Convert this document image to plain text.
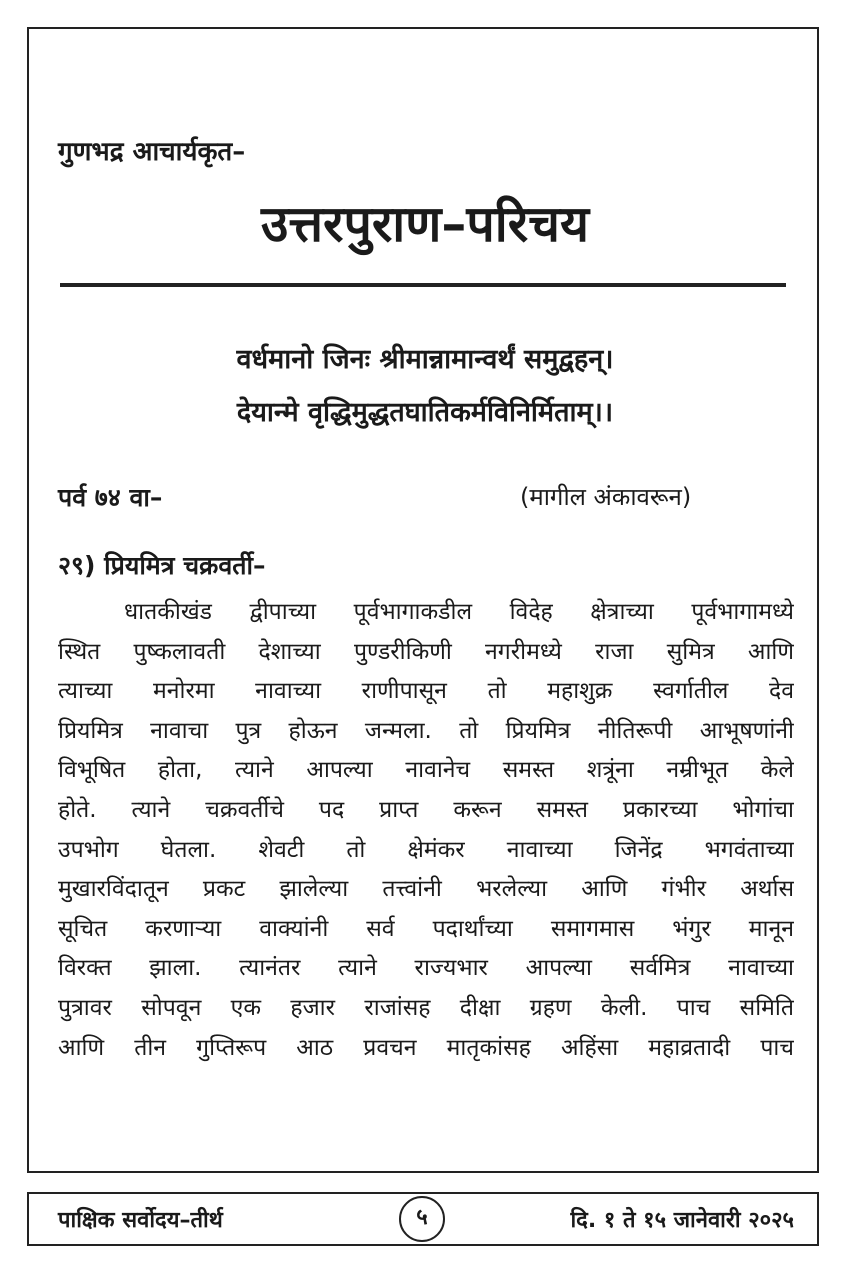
गुणभद्र आचार्यकृत–
उत्तरपुराण–परिचय
वर्धमानो जिनः श्रीमान्नामान्वर्थं समुद्वहन्।
देयान्मे वृद्धिमुद्धतघातिकर्मविनिर्मिताम्।।
पर्व ७४ वा–	(मागील अंकावरून)
२९) प्रियमित्र चक्रवर्ती–
धातकीखंड द्वीपाच्या पूर्वभागाकडील विदेह क्षेत्राच्या पूर्वभागामध्ये
स्थित पुष्कलावती देशाच्या पुण्डरीकिणी नगरीमध्ये राजा सुमित्र आणि
त्याच्या मनोरमा नावाच्या राणीपासून तो महाशुक्र स्वर्गातील देव
प्रियमित्र नावाचा पुत्र होऊन जन्मला. तो प्रियमित्र नीतिरूपी आभूषणांनी
विभूषित होता, त्याने आपल्या नावानेच समस्त शत्रूंना नम्रीभूत केले
होते. त्याने चक्रवर्तीचे पद प्राप्त करून समस्त प्रकारच्या भोगांचा
उपभोग घेतला. शेवटी तो क्षेमंकर नावाच्या जिनेंद्र भगवंताच्या
मुखारविंदातून प्रकट झालेल्या तत्त्वांनी भरलेल्या आणि गंभीर अर्थास
सूचित करणाऱ्या वाक्यांनी सर्व पदार्थांच्या समागमास भंगुर मानून
विरक्त झाला. त्यानंतर त्याने राज्यभार आपल्या सर्वमित्र नावाच्या
पुत्रावर सोपवून एक हजार राजांसह दीक्षा ग्रहण केली. पाच समिति
आणि तीन गुप्तिरूप आठ प्रवचन मातृकांसह अहिंसा महाव्रतादी पाच
पाक्षिक सर्वोदय–तीर्थ	५	दि. १ ते १५ जानेवारी २०२५
